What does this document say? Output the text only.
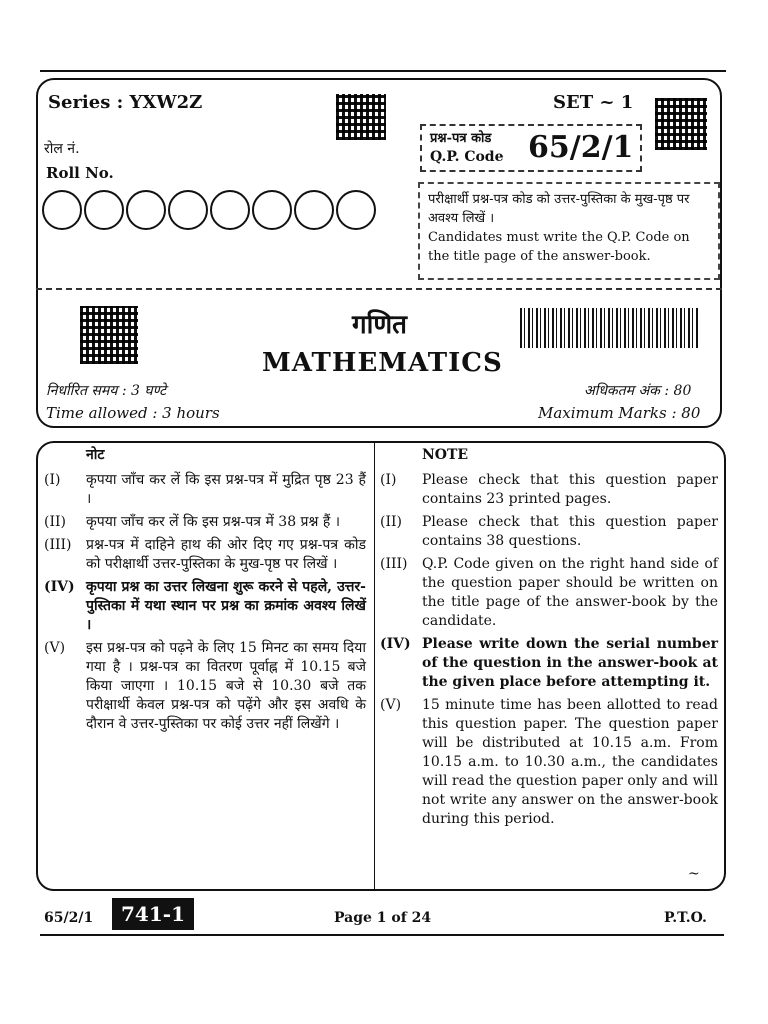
Series : YXW2Z	SET ~ 1
रोल नं.
Roll No.
प्रश्न-पत्र कोड
Q.P. Code 65/2/1
परीक्षार्थी प्रश्न-पत्र कोड को उत्तर-पुस्तिका के मुख-पृष्ठ पर अवश्य लिखें ।
Candidates must write the Q.P. Code on the title page of the answer-book.
गणित
MATHEMATICS
निर्धारित समय : 3 घण्टे
Time allowed : 3 hours
अधिकतम अंक : 80
Maximum Marks : 80
नोट
(I)	कृपया जाँच कर लें कि इस प्रश्न-पत्र में मुद्रित पृष्ठ 23 हैं ।
(II)	कृपया जाँच कर लें कि इस प्रश्न-पत्र में 38 प्रश्न हैं ।
(III)	प्रश्न-पत्र में दाहिने हाथ की ओर दिए गए प्रश्न-पत्र कोड को परीक्षार्थी उत्तर-पुस्तिका के मुख-पृष्ठ पर लिखें ।
(IV) कृपया प्रश्न का उत्तर लिखना शुरू करने से पहले, उत्तर-पुस्तिका में यथा स्थान पर प्रश्न का क्रमांक अवश्य लिखें ।
(V)	इस प्रश्न-पत्र को पढ़ने के लिए 15 मिनट का समय दिया गया है । प्रश्न-पत्र का वितरण पूर्वाह्न में 10.15 बजे किया जाएगा । 10.15 बजे से 10.30 बजे तक परीक्षार्थी केवल प्रश्न-पत्र को पढ़ेंगे और इस अवधि के दौरान वे उत्तर-पुस्तिका पर कोई उत्तर नहीं लिखेंगे ।
NOTE
(I)	Please check that this question paper contains 23 printed pages.
(II)	Please check that this question paper contains 38 questions.
(III)	Q.P. Code given on the right hand side of the question paper should be written on the title page of the answer-book by the candidate.
(IV) Please write down the serial number of the question in the answer-book at the given place before attempting it.
(V)	15 minute time has been allotted to read this question paper. The question paper will be distributed at 10.15 a.m. From 10.15 a.m. to 10.30 a.m., the candidates will read the question paper only and will not write any answer on the answer-book during this period.
~
65/2/1	741-1	Page 1 of 24	P.T.O.
